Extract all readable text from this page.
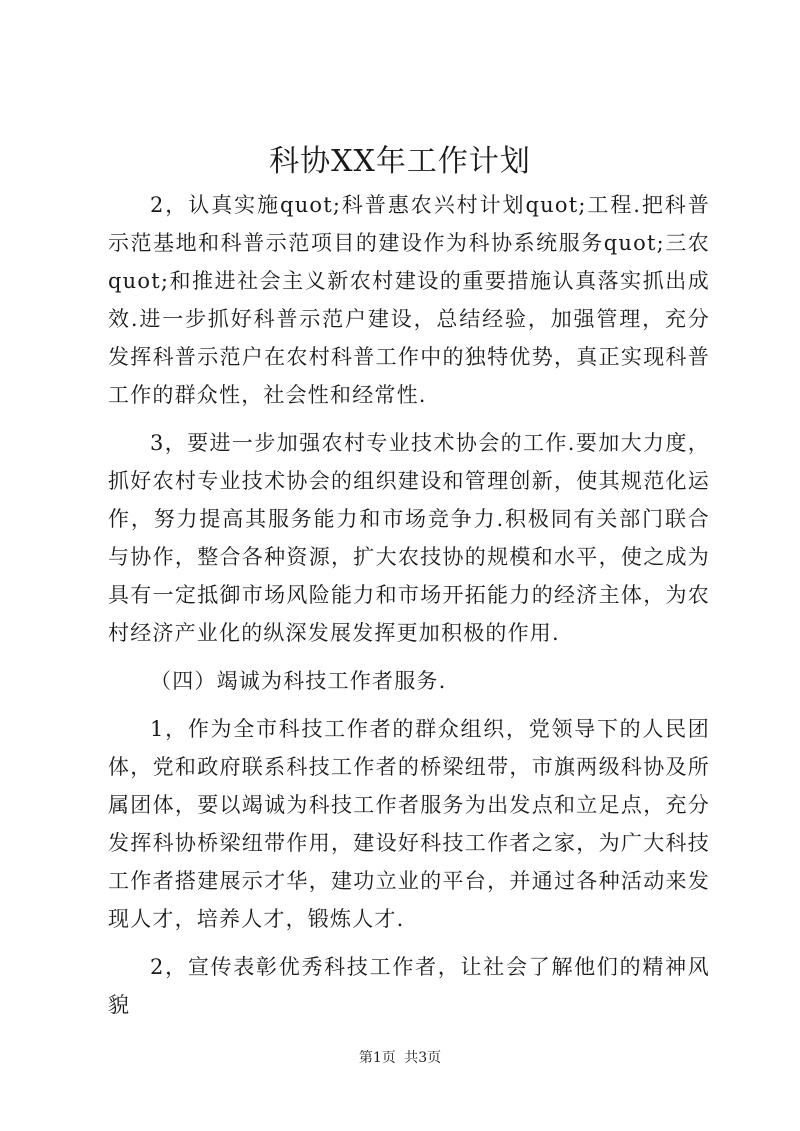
科协XX年工作计划

2，认真实施quot;科普惠农兴村计划quot;工程.把科普示范基地和科普示范项目的建设作为科协系统服务quot;三农quot;和推进社会主义新农村建设的重要措施认真落实抓出成效.进一步抓好科普示范户建设，总结经验，加强管理，充分发挥科普示范户在农村科普工作中的独特优势，真正实现科普工作的群众性，社会性和经常性.

3，要进一步加强农村专业技术协会的工作.要加大力度，抓好农村专业技术协会的组织建设和管理创新，使其规范化运作，努力提高其服务能力和市场竞争力.积极同有关部门联合与协作，整合各种资源，扩大农技协的规模和水平，使之成为具有一定抵御市场风险能力和市场开拓能力的经济主体，为农村经济产业化的纵深发展发挥更加积极的作用.

（四）竭诚为科技工作者服务.

1，作为全市科技工作者的群众组织，党领导下的人民团体，党和政府联系科技工作者的桥梁纽带，市旗两级科协及所属团体，要以竭诚为科技工作者服务为出发点和立足点，充分发挥科协桥梁纽带作用，建设好科技工作者之家，为广大科技工作者搭建展示才华，建功立业的平台，并通过各种活动来发现人才，培养人才，锻炼人才.

2，宣传表彰优秀科技工作者，让社会了解他们的精神风貌

第1页 共3页
